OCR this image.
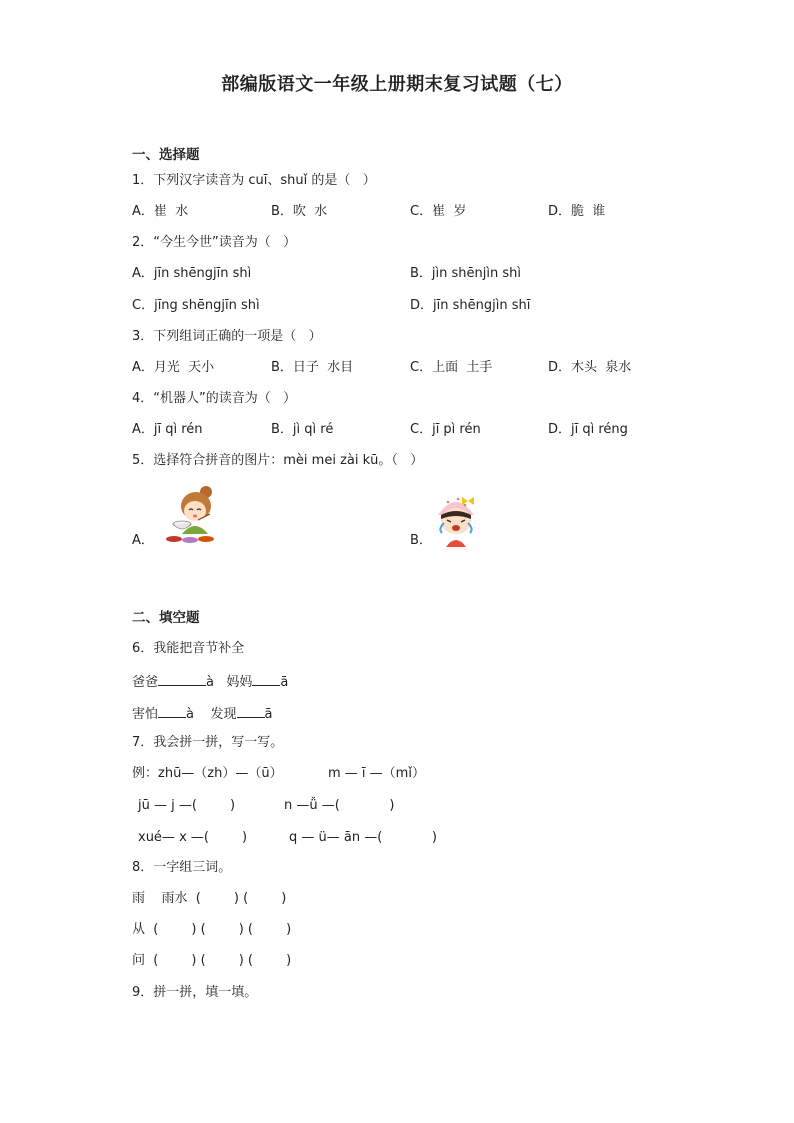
部编版语文一年级上册期末复习试题（七）
一、选择题
1．下列汉字读音为 cuī、shuǐ 的是（   ）
A．崔  水	B．吹  水	C．崔  岁	D．脆  谁
2．“今生今世”读音为（   ）
A．jīn shēngjīn shì	B．jìn shēnjìn shì
C．jīng shēngjīn shì	D．jīn shēngjìn shī
3．下列组词正确的一项是（   ）
A．月光  天小	B．日子  水目	C．上面  土手	D．木头  泉水
4．“机器人”的读音为（   ）
A．jī qì rén	B．jì qì ré	C．jī pì rén	D．jī qì réng
5．选择符合拼音的图片：mèi mei zài kū。（   ）
A．	B．
二、填空题
6．我能把音节补全
爸爸	à 妈妈 ā
害怕 à 发现 ā
7．我会拼一拼，写一写。
例：zhū—（zh）—（ū）	m — ī —（mǐ）
jū — j —(        )	n —ǚ —(            )
xué— x —(        )	q — ü— ān —(            )
8．一字组三词。
雨    雨水  (        ) (        )
从  (        ) (        ) (        )
问  (        ) (        ) (        )
9．拼一拼，填一填。
